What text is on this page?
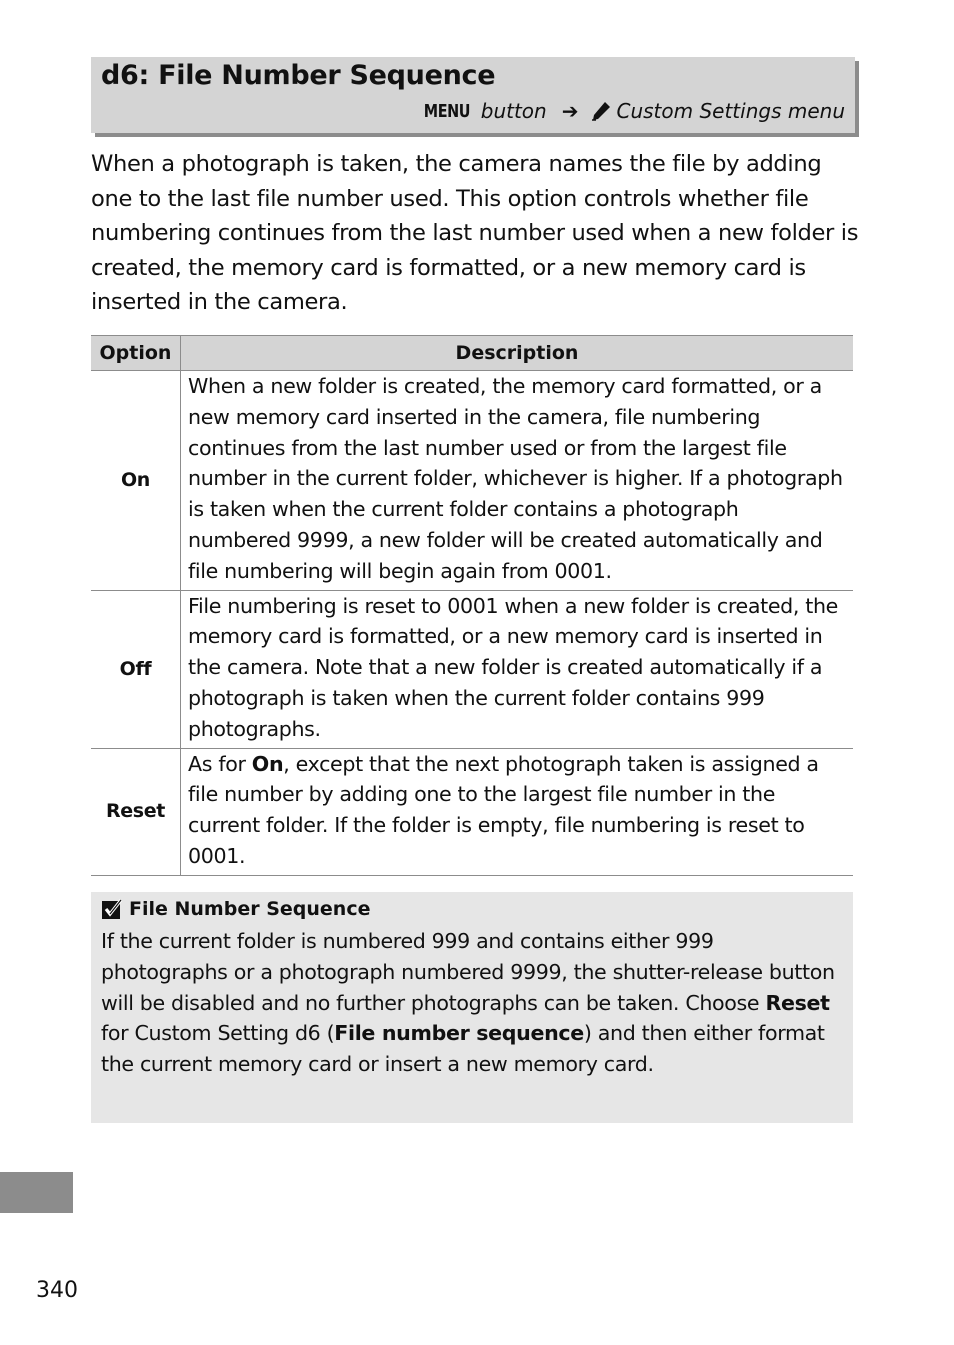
d6: File Number Sequence
MENU button ➔ Custom Settings menu

When a photograph is taken, the camera names the file by adding one to the last file number used. This option controls whether file numbering continues from the last number used when a new folder is created, the memory card is formatted, or a new memory card is inserted in the camera.

Option	Description
On	When a new folder is created, the memory card formatted, or a new memory card inserted in the camera, file numbering continues from the last number used or from the largest file number in the current folder, whichever is higher. If a photograph is taken when the current folder contains a photograph numbered 9999, a new folder will be created automatically and file numbering will begin again from 0001.
Off	File numbering is reset to 0001 when a new folder is created, the memory card is formatted, or a new memory card is inserted in the camera. Note that a new folder is created automatically if a photograph is taken when the current folder contains 999 photographs.
Reset	As for On, except that the next photograph taken is assigned a file number by adding one to the largest file number in the current folder. If the folder is empty, file numbering is reset to 0001.
File Number Sequence

If the current folder is numbered 999 and contains either 999 photographs or a photograph numbered 9999, the shutter-release button will be disabled and no further photographs can be taken. Choose Reset for Custom Setting d6 (File number sequence) and then either format the current memory card or insert a new memory card.

340
